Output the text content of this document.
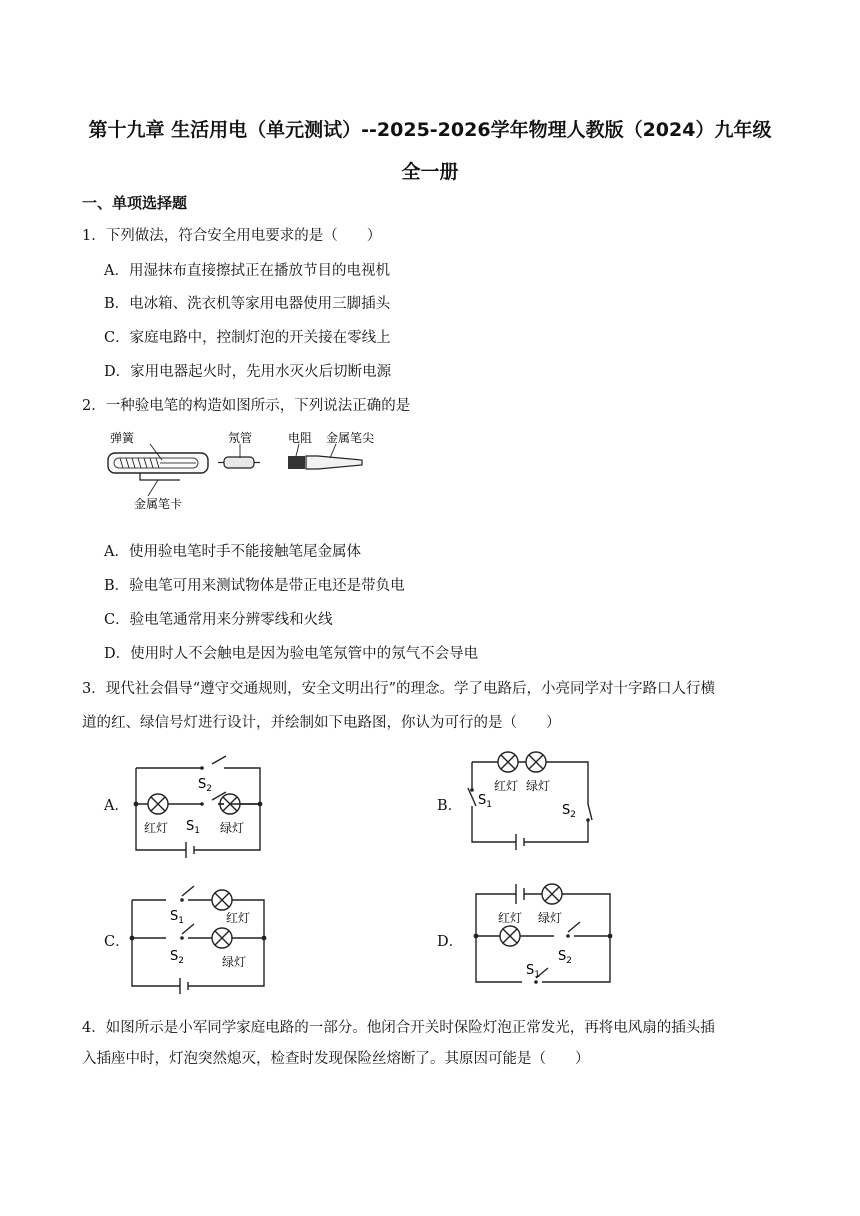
第十九章 生活用电（单元测试）--2025-2026学年物理人教版（2024）九年级
全一册
一、单项选择题
1．下列做法，符合安全用电要求的是（　　）
A．用湿抹布直接擦拭正在播放节目的电视机
B．电冰箱、洗衣机等家用电器使用三脚插头
C．家庭电路中，控制灯泡的开关接在零线上
D．家用电器起火时，先用水灭火后切断电源
2．一种验电笔的构造如图所示，下列说法正确的是
弹簧	氖管	电阻 金属笔尖
金属笔卡
A．使用验电笔时手不能接触笔尾金属体
B．验电笔可用来测试物体是带正电还是带负电
C．验电笔通常用来分辨零线和火线
D．使用时人不会触电是因为验电笔氖管中的氖气不会导电
3．现代社会倡导“遵守交通规则，安全文明出行”的理念。学了电路后，小亮同学对十字路口人行横
道的红、绿信号灯进行设计，并绘制如下电路图，你认为可行的是（　　）
A．
$S_2$
$S_1$
红灯	绿灯
B．
红灯 绿灯
$S_1$	$S_2$
C．
$S_1$	红灯
$S_2$	绿灯
D．
红灯 绿灯
$S_2$
$S_1$
4．如图所示是小军同学家庭电路的一部分。他闭合开关时保险灯泡正常发光，再将电风扇的插头插
入插座中时，灯泡突然熄灭，检查时发现保险丝熔断了。其原因可能是（　　）
